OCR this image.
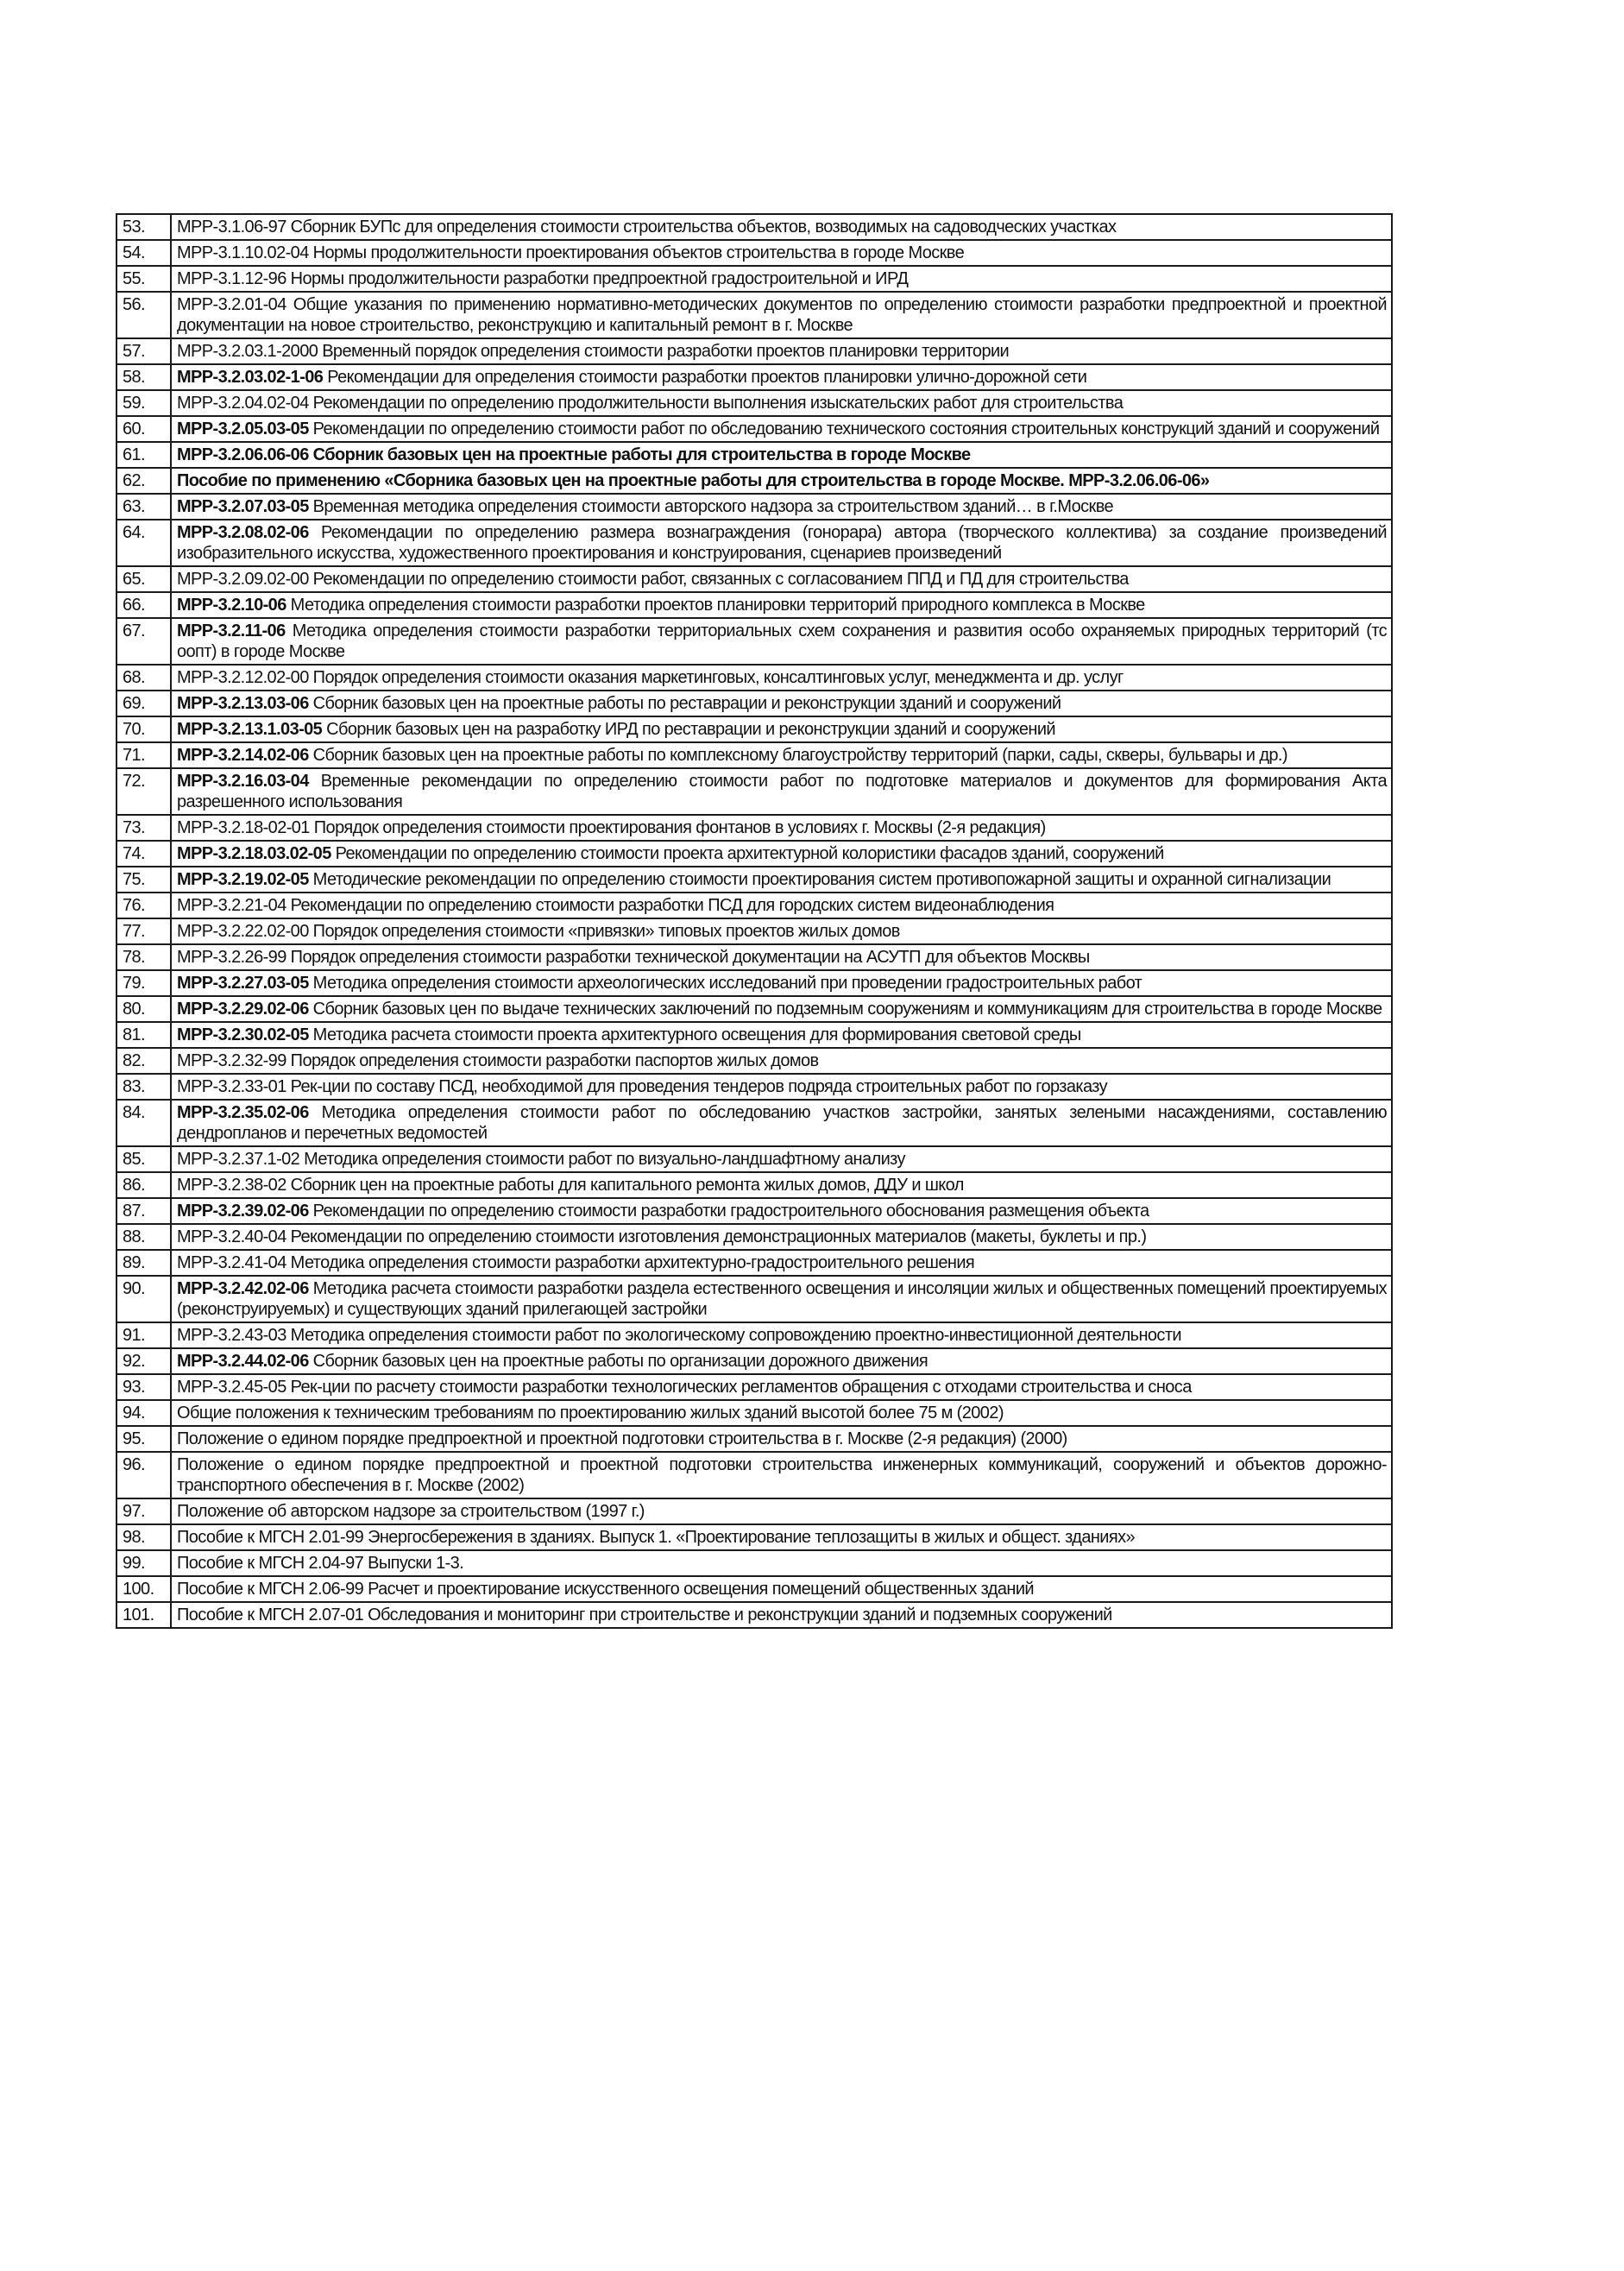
53.	МРР-3.1.06-97 Сборник БУПс для определения стоимости строительства объектов, возводимых на садоводческих участках
54.	МРР-3.1.10.02-04 Нормы продолжительности проектирования объектов строительства в городе Москве
55.	МРР-3.1.12-96 Нормы продолжительности разработки предпроектной градостроительной и ИРД
56.	МРР-3.2.01-04 Общие указания по применению нормативно-методических документов по определению стоимости разработки предпроектной и проектной документации на новое строительство, реконструкцию и капитальный ремонт в г. Москве
57.	МРР-3.2.03.1-2000 Временный порядок определения стоимости разработки проектов планировки территории
58.	МРР-3.2.03.02-1-06 Рекомендации для определения стоимости разработки проектов планировки улично-дорожной сети
59.	МРР-3.2.04.02-04 Рекомендации по определению продолжительности выполнения изыскательских работ для строительства
60.	МРР-3.2.05.03-05 Рекомендации по определению стоимости работ по обследованию технического состояния строительных конструкций зданий и сооружений
61.	МРР-3.2.06.06-06 Сборник базовых цен на проектные работы для строительства в городе Москве
62.	Пособие по применению «Сборника базовых цен на проектные работы для строительства в городе Москве. МРР-3.2.06.06-06»
63.	МРР-3.2.07.03-05 Временная методика определения стоимости авторского надзора за строительством зданий… в г.Москве
64.	МРР-3.2.08.02-06 Рекомендации по определению размера вознаграждения (гонорара) автора (творческого коллектива) за создание произведений изобразительного искусства, художественного проектирования и конструирования, сценариев произведений
65.	МРР-3.2.09.02-00 Рекомендации по определению стоимости работ, связанных с согласованием ППД и ПД для строительства
66.	МРР-3.2.10-06 Методика определения стоимости разработки проектов планировки территорий природного комплекса в Москве
67.	МРР-3.2.11-06 Методика определения стоимости разработки территориальных схем сохранения и развития особо охраняемых природных территорий (тс оопт) в городе Москве
68.	МРР-3.2.12.02-00 Порядок определения стоимости оказания маркетинговых, консалтинговых услуг, менеджмента и др. услуг
69.	МРР-3.2.13.03-06 Сборник базовых цен на проектные работы по реставрации и реконструкции зданий и сооружений
70.	МРР-3.2.13.1.03-05 Сборник базовых цен на разработку ИРД по реставрации и реконструкции зданий и сооружений
71.	МРР-3.2.14.02-06 Сборник базовых цен на проектные работы по комплексному благоустройству территорий (парки, сады, скверы, бульвары и др.)
72.	МРР-3.2.16.03-04 Временные рекомендации по определению стоимости работ по подготовке материалов и документов для формирования Акта разрешенного использования
73.	МРР-3.2.18-02-01 Порядок определения стоимости проектирования фонтанов в условиях г. Москвы (2-я редакция)
74.	МРР-3.2.18.03.02-05 Рекомендации по определению стоимости проекта архитектурной колористики фасадов зданий, сооружений
75.	МРР-3.2.19.02-05 Методические рекомендации по определению стоимости проектирования систем противопожарной защиты и охранной сигнализации
76.	МРР-3.2.21-04 Рекомендации по определению стоимости разработки ПСД для городских систем видеонаблюдения
77.	МРР-3.2.22.02-00 Порядок определения стоимости «привязки» типовых проектов жилых домов
78.	МРР-3.2.26-99 Порядок определения стоимости разработки технической документации на АСУТП для объектов Москвы
79.	МРР-3.2.27.03-05 Методика определения стоимости археологических исследований при проведении градостроительных работ
80.	МРР-3.2.29.02-06 Сборник базовых цен по выдаче технических заключений по подземным сооружениям и коммуникациям для строительства в городе Москве
81.	МРР-3.2.30.02-05 Методика расчета стоимости проекта архитектурного освещения для формирования световой среды
82.	МРР-3.2.32-99 Порядок определения стоимости разработки паспортов жилых домов
83.	МРР-3.2.33-01 Рек-ции по составу ПСД, необходимой для проведения тендеров подряда строительных работ по горзаказу
84.	МРР-3.2.35.02-06 Методика определения стоимости работ по обследованию участков застройки, занятых зелеными насаждениями, составлению дендропланов и перечетных ведомостей
85.	МРР-3.2.37.1-02 Методика определения стоимости работ по визуально-ландшафтному анализу
86.	МРР-3.2.38-02 Сборник цен на проектные работы для капитального ремонта жилых домов, ДДУ и школ
87.	МРР-3.2.39.02-06 Рекомендации по определению стоимости разработки градостроительного обоснования размещения объекта
88.	МРР-3.2.40-04 Рекомендации по определению стоимости изготовления демонстрационных материалов (макеты, буклеты и пр.)
89.	МРР-3.2.41-04 Методика определения стоимости разработки архитектурно-градостроительного решения
90.	МРР-3.2.42.02-06 Методика расчета стоимости разработки раздела естественного освещения и инсоляции жилых и общественных помещений проектируемых (реконструируемых) и существующих зданий прилегающей застройки
91.	МРР-3.2.43-03 Методика определения стоимости работ по экологическому сопровождению проектно-инвестиционной деятельности
92.	МРР-3.2.44.02-06 Сборник базовых цен на проектные работы по организации дорожного движения
93.	МРР-3.2.45-05 Рек-ции по расчету стоимости разработки технологических регламентов обращения с отходами строительства и сноса
94.	Общие положения к техническим требованиям по проектированию жилых зданий высотой более 75 м (2002)
95.	Положение о едином порядке предпроектной и проектной подготовки строительства в г. Москве (2-я редакция) (2000)
96.	Положение о едином порядке предпроектной и проектной подготовки строительства инженерных коммуникаций, сооружений и объектов дорожно-транспортного обеспечения в г. Москве (2002)
97.	Положение об авторском надзоре за строительством (1997 г.)
98.	Пособие к МГСН 2.01-99 Энергосбережения в зданиях. Выпуск 1. «Проектирование теплозащиты в жилых и общест. зданиях»
99.	Пособие к МГСН 2.04-97 Выпуски 1-3.
100.	Пособие к МГСН 2.06-99 Расчет и проектирование искусственного освещения помещений общественных зданий
101.	Пособие к МГСН 2.07-01 Обследования и мониторинг при строительстве и реконструкции зданий и подземных сооружений
